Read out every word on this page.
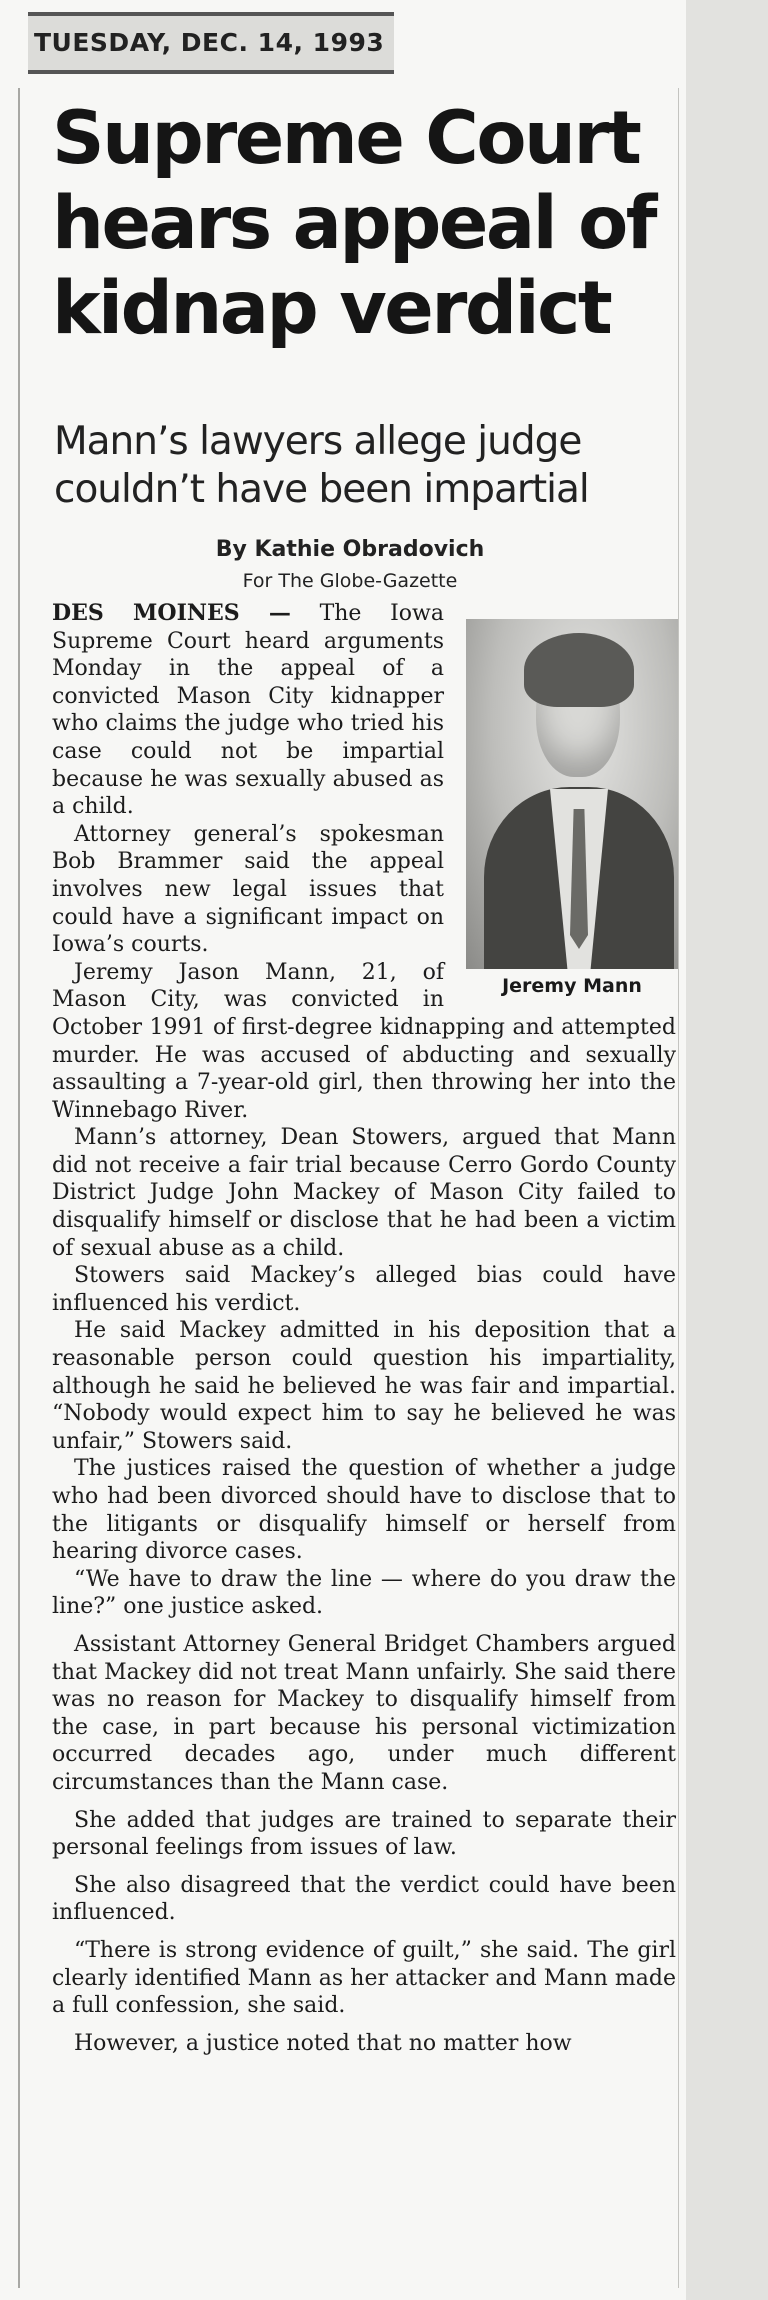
TUESDAY, DEC. 14, 1993
Supreme Court
hears appeal of
kidnap verdict
Mann’s lawyers allege judge
couldn’t have been impartial
By Kathie Obradovich
For The Globe-Gazette
Jeremy Mann

DES MOINES — The Iowa Supreme Court heard arguments Monday in the appeal of a convicted Mason City kidnapper who claims the judge who tried his case could not be impartial because he was sexually abused as a child.

Attorney general’s spokesman Bob Brammer said the appeal involves new legal issues that could have a significant impact on Iowa’s courts.

Jeremy Jason Mann, 21, of Mason City, was convicted in October 1991 of first-degree kidnapping and attempted murder. He was accused of abducting and sexually assaulting a 7-year-old girl, then throwing her into the Winnebago River.

Mann’s attorney, Dean Stowers, argued that Mann did not receive a fair trial because Cerro Gordo County District Judge John Mackey of Mason City failed to disqualify himself or disclose that he had been a victim of sexual abuse as a child.

Stowers said Mackey’s alleged bias could have influenced his verdict.

He said Mackey admitted in his deposition that a reasonable person could question his impartiality, although he said he believed he was fair and impartial. “Nobody would expect him to say he believed he was unfair,” Stowers said.

The justices raised the question of whether a judge who had been divorced should have to disclose that to the litigants or disqualify himself or herself from hearing divorce cases.

“We have to draw the line — where do you draw the line?” one justice asked.

Assistant Attorney General Bridget Chambers argued that Mackey did not treat Mann unfairly. She said there was no reason for Mackey to disqualify himself from the case, in part because his personal victimization occurred decades ago, under much different circumstances than the Mann case.

She added that judges are trained to separate their personal feelings from issues of law.

She also disagreed that the verdict could have been influenced.

“There is strong evidence of guilt,” she said. The girl clearly identified Mann as her attacker and Mann made a full confession, she said.

However, a justice noted that no matter how
